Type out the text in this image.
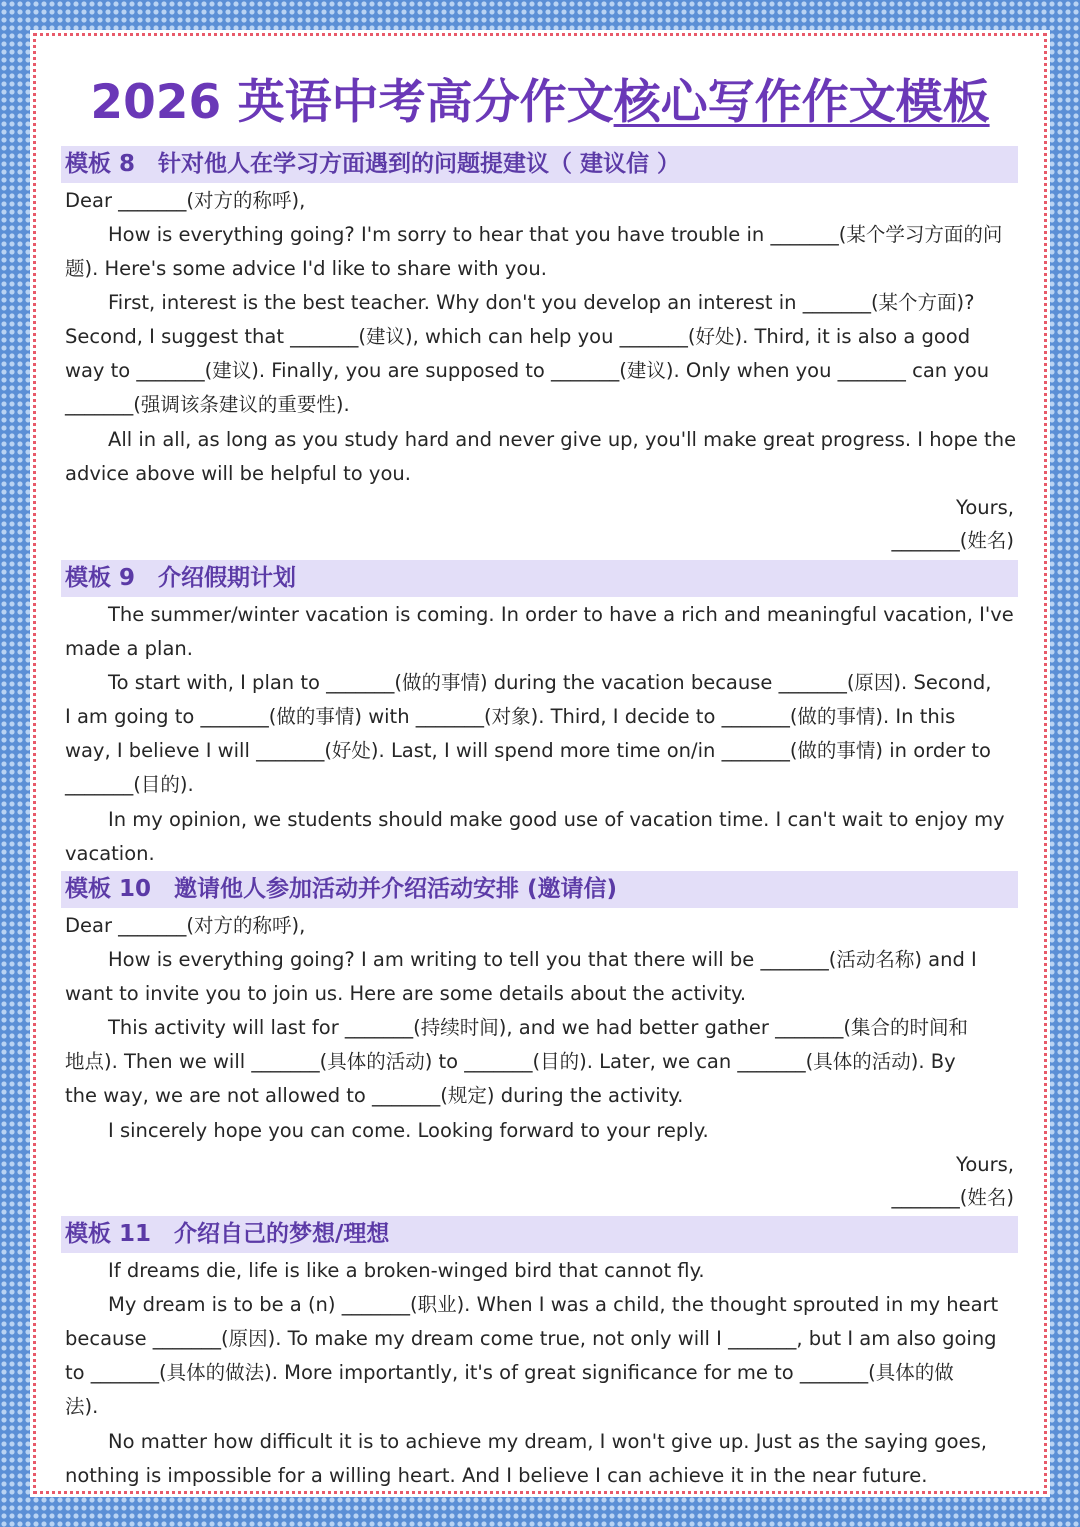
2026 英语中考高分作文核心写作作文模板
模板 8　针对他人在学习方面遇到的问题提建议（ 建议信 ）
Dear _______(对方的称呼),
How is everything going? I'm sorry to hear that you have trouble in _______(某个学习方面的问
题). Here's some advice I'd like to share with you.
First, interest is the best teacher. Why don't you develop an interest in _______(某个方面)?
Second, I suggest that _______(建议), which can help you _______(好处). Third, it is also a good
way to _______(建议). Finally, you are supposed to _______(建议). Only when you _______ can you
_______(强调该条建议的重要性).
All in all, as long as you study hard and never give up, you'll make great progress. I hope the
advice above will be helpful to you.
Yours,
_______(姓名)
模板 9　介绍假期计划
The summer/winter vacation is coming. In order to have a rich and meaningful vacation, I've
made a plan.
To start with, I plan to _______(做的事情) during the vacation because _______(原因). Second,
I am going to _______(做的事情) with _______(对象). Third, I decide to _______(做的事情). In this
way, I believe I will _______(好处). Last, I will spend more time on/in _______(做的事情) in order to
_______(目的).
In my opinion, we students should make good use of vacation time. I can't wait to enjoy my
vacation.
模板 10　邀请他人参加活动并介绍活动安排 (邀请信)
Dear _______(对方的称呼),
How is everything going? I am writing to tell you that there will be _______(活动名称) and I
want to invite you to join us. Here are some details about the activity.
This activity will last for _______(持续时间), and we had better gather _______(集合的时间和
地点). Then we will _______(具体的活动) to _______(目的). Later, we can _______(具体的活动). By
the way, we are not allowed to _______(规定) during the activity.
I sincerely hope you can come. Looking forward to your reply.
Yours,
_______(姓名)
模板 11　介绍自己的梦想/理想
If dreams die, life is like a broken-winged bird that cannot fly.
My dream is to be a (n) _______(职业). When I was a child, the thought sprouted in my heart
because _______(原因). To make my dream come true, not only will I _______, but I am also going
to _______(具体的做法). More importantly, it's of great significance for me to _______(具体的做
法).
No matter how difficult it is to achieve my dream, I won't give up. Just as the saying goes,
nothing is impossible for a willing heart. And I believe I can achieve it in the near future.
